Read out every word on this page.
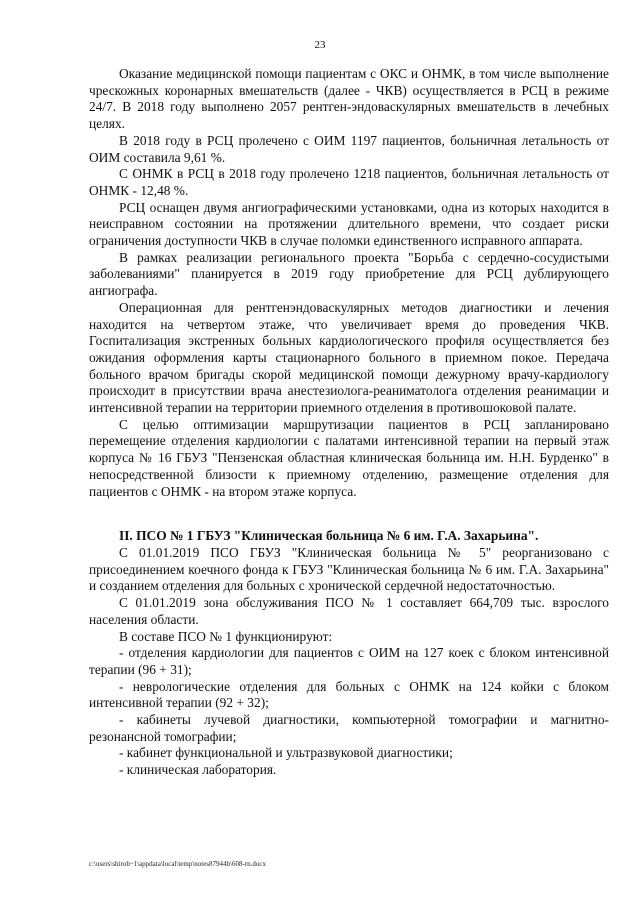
23

Оказание медицинской помощи пациентам с ОКС и ОНМК, в том числе выполнение чрескожных коронарных вмешательств (далее - ЧКВ) осуществляется в РСЦ в режиме 24/7. В 2018 году выполнено 2057 рентген-эндоваскулярных вмешательств в лечебных целях.

В 2018 году в РСЦ пролечено с ОИМ 1197 пациентов, больничная летальность от ОИМ составила 9,61 %.

С ОНМК в РСЦ в 2018 году пролечено 1218 пациентов, больничная летальность от ОНМК - 12,48 %.

РСЦ оснащен двумя ангиографическими установками, одна из которых находится в неисправном состоянии на протяжении длительного времени, что создает риски ограничения доступности ЧКВ в случае поломки единственного исправного аппарата.

В рамках реализации регионального проекта "Борьба с сердечно-сосудистыми заболеваниями" планируется в 2019 году приобретение для РСЦ дублирующего ангиографа.

Операционная для рентгенэндоваскулярных методов диагностики и лечения находится на четвертом этаже, что увеличивает время до проведения ЧКВ. Госпитализация экстренных больных кардиологического профиля осуществляется без ожидания оформления карты стационарного больного в приемном покое. Передача больного врачом бригады скорой медицинской помощи дежурному врачу-кардиологу происходит в присутствии врача анестезиолога-реаниматолога отделения реанимации и интенсивной терапии на территории приемного отделения в противошоковой палате.

С целью оптимизации маршрутизации пациентов в РСЦ запланировано перемещение отделения кардиологии с палатами интенсивной терапии на первый этаж корпуса № 16 ГБУЗ "Пензенская областная клиническая больница им. Н.Н. Бурденко" в непосредственной близости к приемному отделению, размещение отделения для пациентов с ОНМК - на втором этаже корпуса.

II. ПСО № 1 ГБУЗ "Клиническая больница № 6 им. Г.А. Захарьина".

С 01.01.2019 ПСО ГБУЗ "Клиническая больница № 5" реорганизовано с присоединением коечного фонда к ГБУЗ "Клиническая больница № 6 им. Г.А. Захарьина" и созданием отделения для больных с хронической сердечной недостаточностью.

С 01.01.2019 зона обслуживания ПСО № 1 составляет 664,709 тыс. взрослого населения области.

В составе ПСО № 1 функционируют:

- отделения кардиологии для пациентов с ОИМ на 127 коек с блоком интенсивной терапии (96 + 31);

- неврологические отделения для больных с ОНМК на 124 койки с блоком интенсивной терапии (92 + 32);

- кабинеты лучевой диагностики, компьютерной томографии и магнитно-резонансной томографии;

- кабинет функциональной и ультразвуковой диагностики;

- клиническая лаборатория.

c:\users\shiroh~1\appdata\local\temp\notes87944b\608-rn.docx
